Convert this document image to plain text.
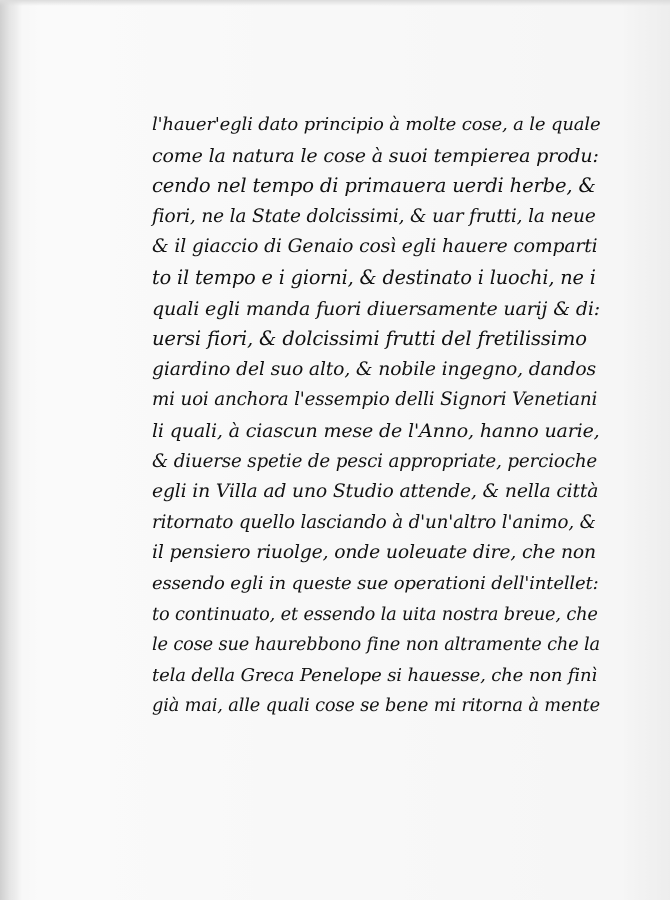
l'hauer'egli dato principio à molte cose, a le quale
come la natura le cose à suoi tempierea produ:
cendo nel tempo di primauera uerdi herbe, &
fiori, ne la State dolcissimi, & uar frutti, la neue
& il giaccio di Genaio così egli hauere comparti
to il tempo e i giorni, & destinato i luochi, ne i
quali egli manda fuori diuersamente uarij & di:
uersi fiori, & dolcissimi frutti del fretilissimo
giardino del suo alto, & nobile ingegno, dandos
mi uoi anchora l'essempio delli Signori Venetiani
li quali, à ciascun mese de l'Anno, hanno uarie,
& diuerse spetie de pesci appropriate, percioche
egli in Villa ad uno Studio attende, & nella città
ritornato quello lasciando à d'un'altro l'animo, &
il pensiero riuolge, onde uoleuate dire, che non
essendo egli in queste sue operationi dell'intellet:
to continuato, et essendo la uita nostra breue, che
le cose sue haurebbono fine non altramente che la
tela della Greca Penelope si hauesse, che non finì
già mai, alle quali cose se bene mi ritorna à mente
